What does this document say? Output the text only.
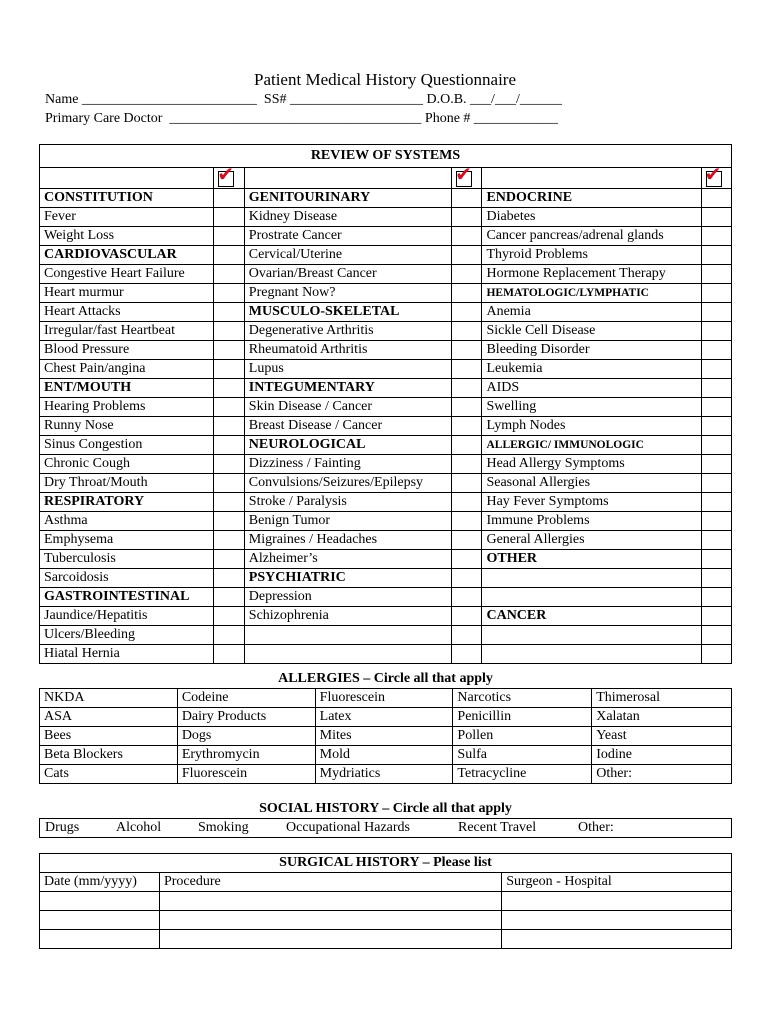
Patient Medical History Questionnaire
Name _________________________  SS# ___________________ D.O.B. ___/___/______
Primary Care Doctor  ____________________________________ Phone # ____________
REVIEW OF SYSTEMS					

	✔		✔		✔

CONSTITUTION		GENITOURINARY		ENDOCRINE	
Fever		Kidney Disease		Diabetes	
Weight Loss		Prostrate Cancer		Cancer pancreas/adrenal glands	
CARDIOVASCULAR		Cervical/Uterine		Thyroid Problems	
Congestive Heart Failure		Ovarian/Breast Cancer		Hormone Replacement Therapy	
Heart murmur		Pregnant Now?		HEMATOLOGIC/LYMPHATIC	
Heart Attacks		MUSCULO-SKELETAL		Anemia	
Irregular/fast Heartbeat		Degenerative Arthritis		Sickle Cell Disease	
Blood Pressure		Rheumatoid Arthritis		Bleeding Disorder	
Chest Pain/angina		Lupus		Leukemia	
ENT/MOUTH		INTEGUMENTARY		AIDS	
Hearing Problems		Skin Disease / Cancer		Swelling	
Runny Nose		Breast Disease / Cancer		Lymph Nodes	
Sinus Congestion		NEUROLOGICAL		ALLERGIC/ IMMUNOLOGIC	
Chronic Cough		Dizziness / Fainting		Head Allergy Symptoms	
Dry Throat/Mouth		Convulsions/Seizures/Epilepsy		Seasonal Allergies	
RESPIRATORY		Stroke / Paralysis		Hay Fever Symptoms	
Asthma		Benign Tumor		Immune Problems	
Emphysema		Migraines / Headaches		General Allergies	
Tuberculosis		Alzheimer’s		OTHER	
Sarcoidosis		PSYCHIATRIC			
GASTROINTESTINAL		Depression			
Jaundice/Hepatitis		Schizophrenia		CANCER	
Ulcers/Bleeding					
Hiatal Hernia					
ALLERGIES – Circle all that apply				
NKDA	Codeine	Fluorescein	Narcotics	Thimerosal
ASA	Dairy Products	Latex	Penicillin	Xalatan
Bees	Dogs	Mites	Pollen	Yeast
Beta Blockers	Erythromycin	Mold	Sulfa	Iodine
Cats	Fluorescein	Mydriatics	Tetracycline	Other:
SOCIAL HISTORY – Circle all that apply

Drugs	Alcohol	Smoking	Occupational Hazards	Recent Travel	Other:
SURGICAL HISTORY – Please list		
Date (mm/yyyy)	Procedure	Surgeon - Hospital
